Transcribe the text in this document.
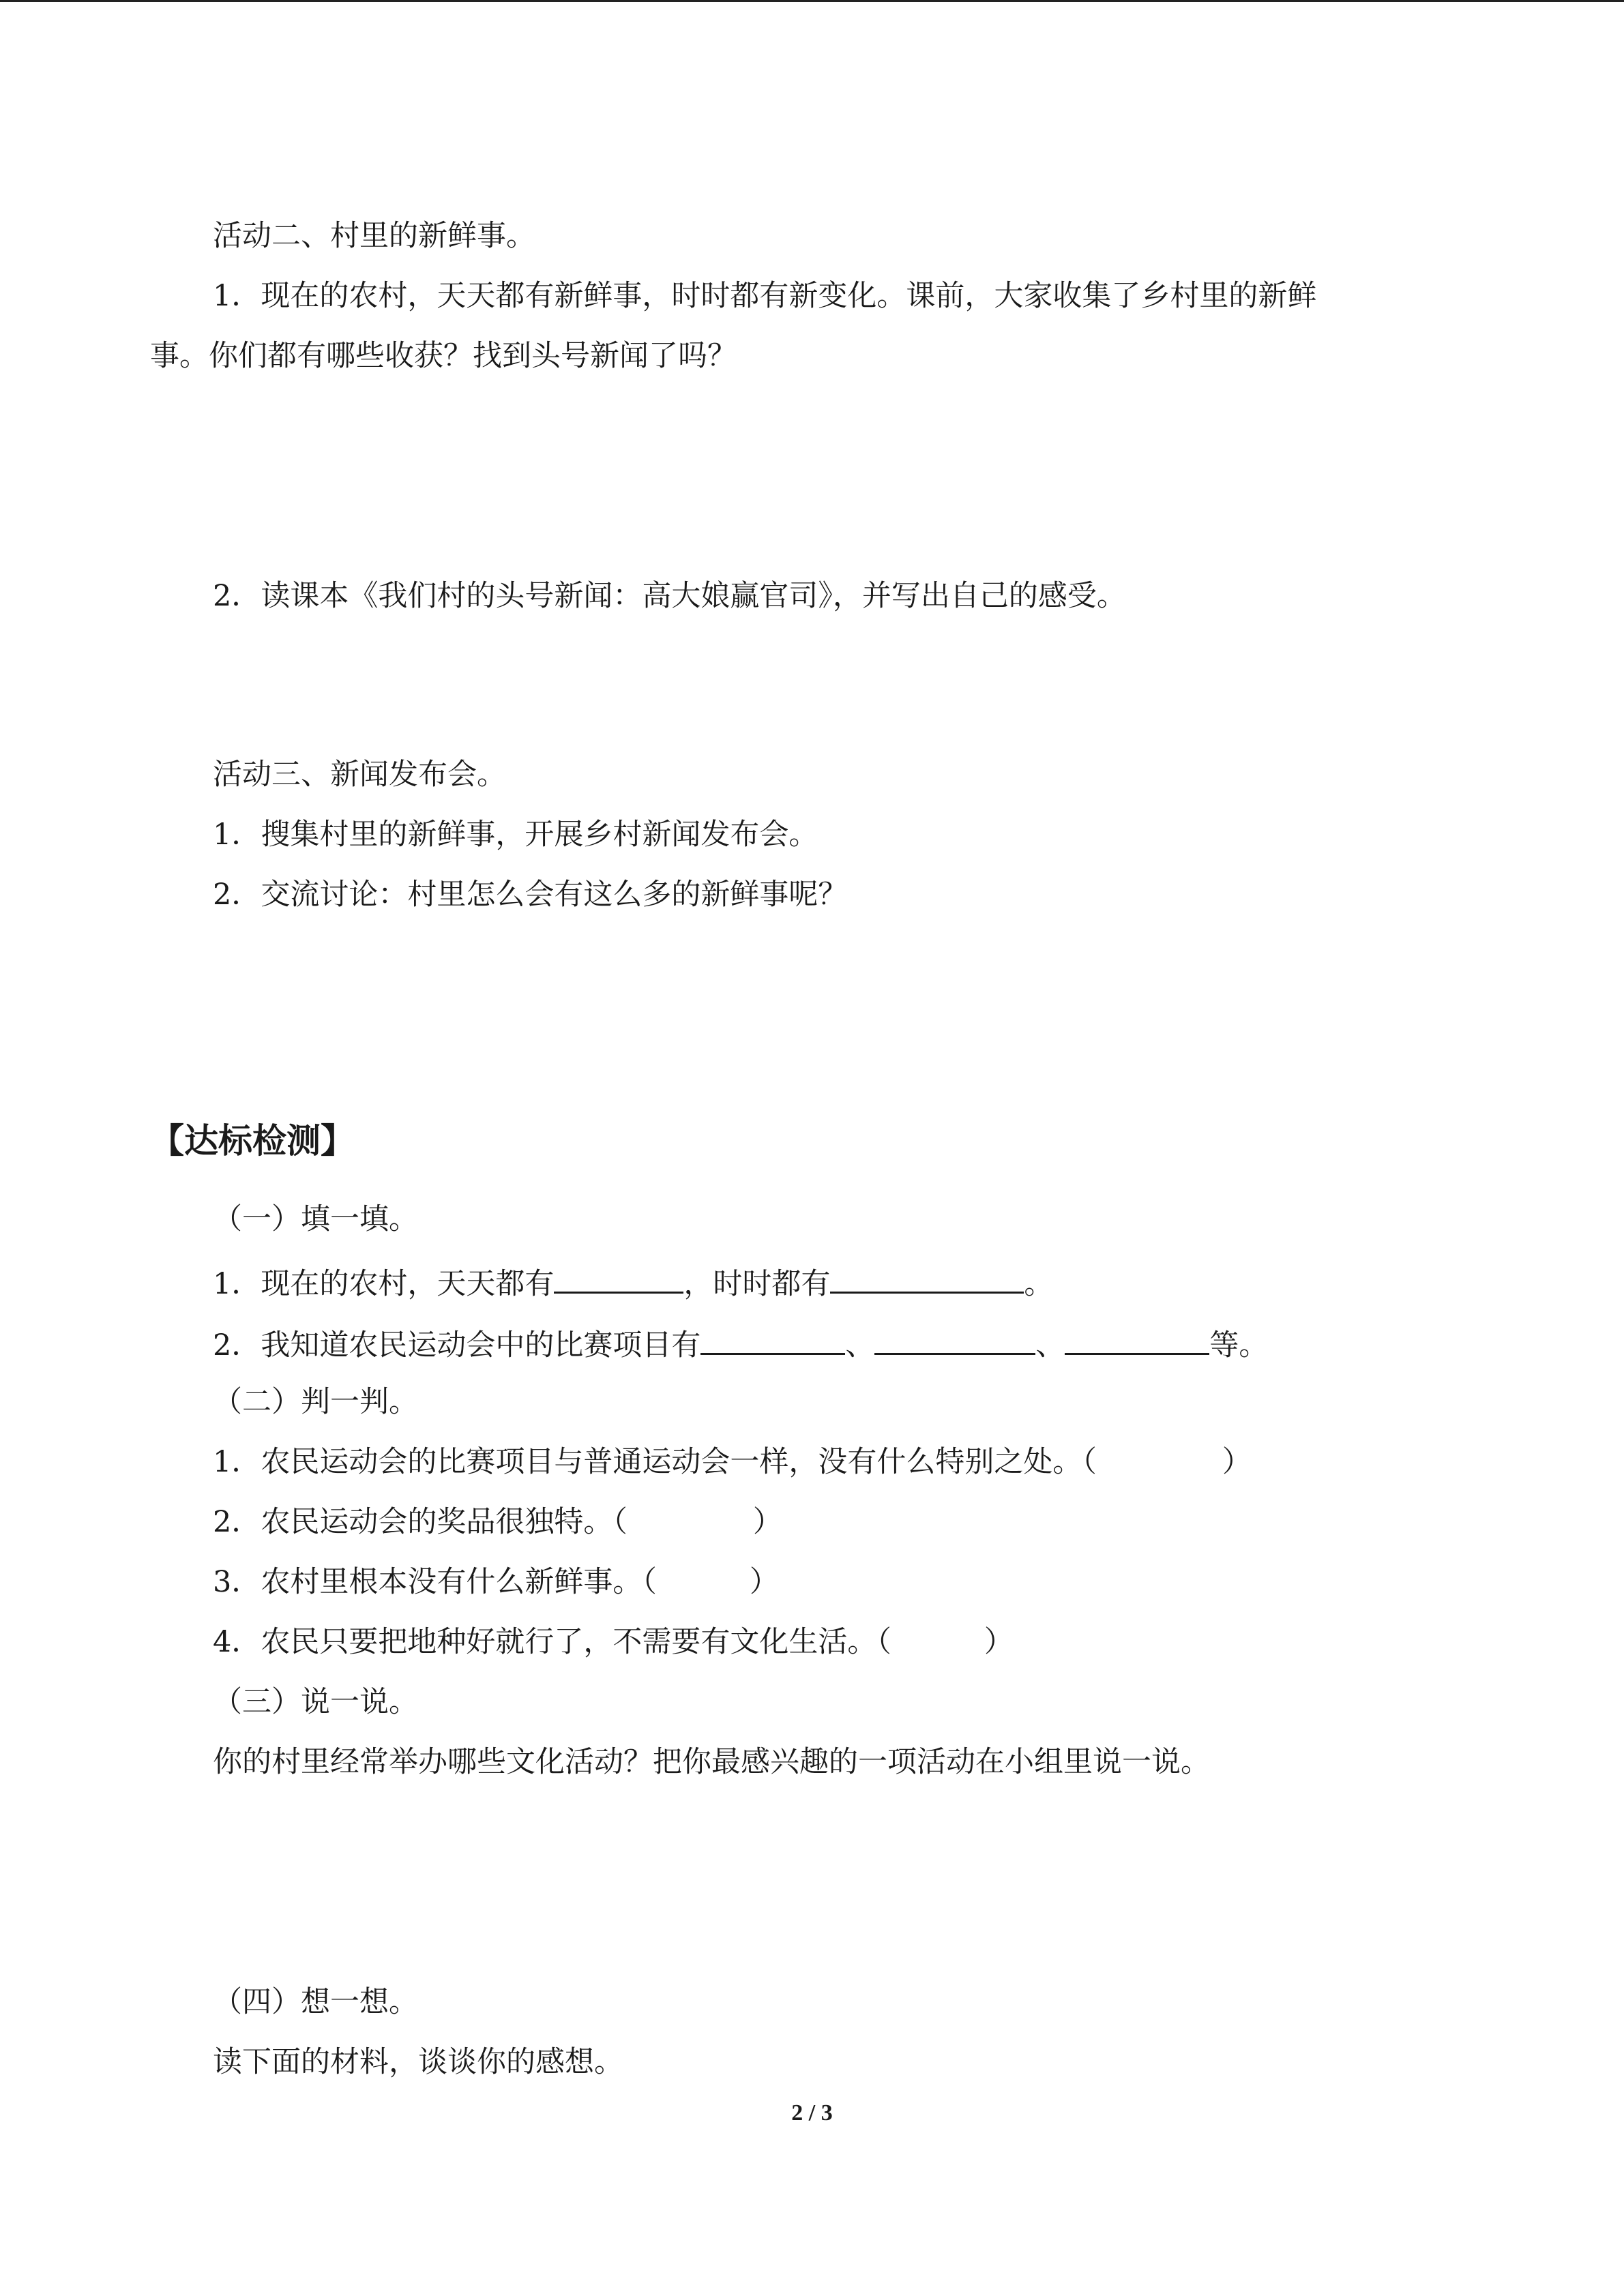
活动二、村里的新鲜事。
1．现在的农村，天天都有新鲜事，时时都有新变化。课前，大家收集了乡村里的新鲜
事。你们都有哪些收获？找到头号新闻了吗？
2．读课本《我们村的头号新闻：高大娘赢官司》，并写出自己的感受。
活动三、新闻发布会。
1．搜集村里的新鲜事，开展乡村新闻发布会。
2．交流讨论：村里怎么会有这么多的新鲜事呢？
【达标检测】
（一）填一填。
1．现在的农村，天天都有	，时时都有	。
2．我知道农民运动会中的比赛项目有	、	、	等。
（二）判一判。
1．农民运动会的比赛项目与普通运动会一样，没有什么特别之处。（	）
2．农民运动会的奖品很独特。（	）
3．农村里根本没有什么新鲜事。（	）
4．农民只要把地种好就行了，不需要有文化生活。（	）
（三）说一说。
你的村里经常举办哪些文化活动？把你最感兴趣的一项活动在小组里说一说。
（四）想一想。
读下面的材料，谈谈你的感想。
2 / 3
